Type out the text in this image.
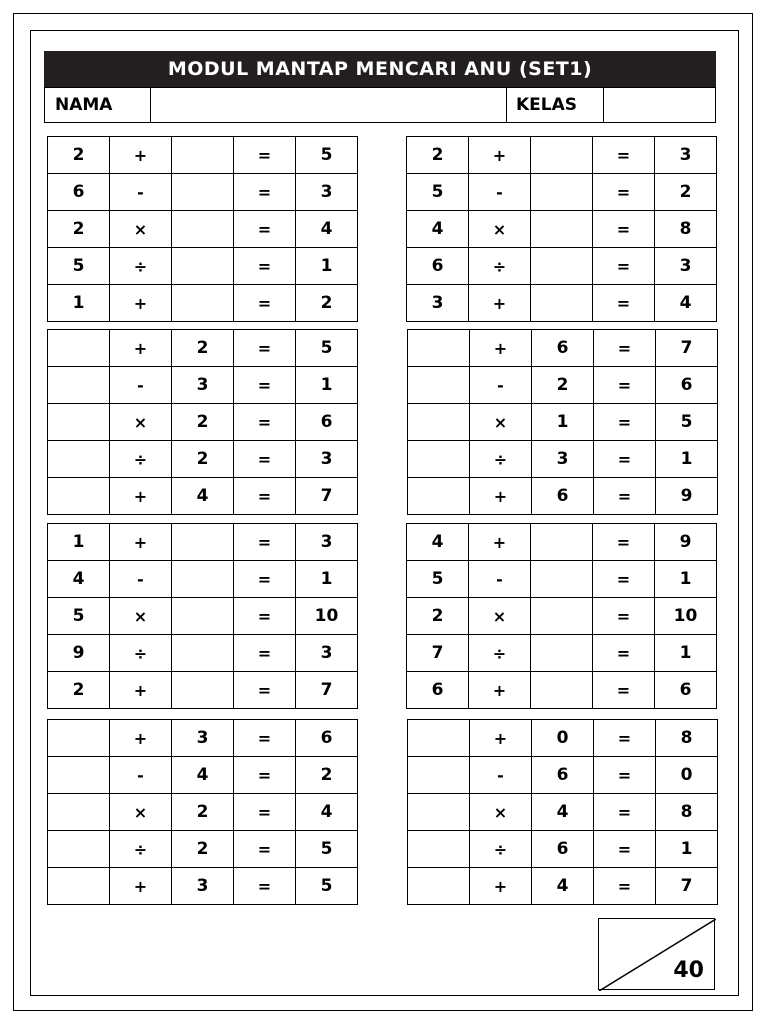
MODUL MANTAP MENCARI ANU (SET1)
NAMA	KELAS
2	+		=	5
6	-		=	3
2	×		=	4
5	÷		=	1
1	+		=	2
2	+		=	3
5	-		=	2
4	×		=	8
6	÷		=	3
3	+		=	4
	+	2	=	5
	-	3	=	1
	×	2	=	6
	÷	2	=	3
	+	4	=	7
	+	6	=	7
	-	2	=	6
	×	1	=	5
	÷	3	=	1
	+	6	=	9
1	+		=	3
4	-		=	1
5	×		=	10
9	÷		=	3
2	+		=	7
4	+		=	9
5	-		=	1
2	×		=	10
7	÷		=	1
6	+		=	6
	+	3	=	6
	-	4	=	2
	×	2	=	4
	÷	2	=	5
	+	3	=	5
	+	0	=	8
	-	6	=	0
	×	4	=	8
	÷	6	=	1
	+	4	=	7
40
